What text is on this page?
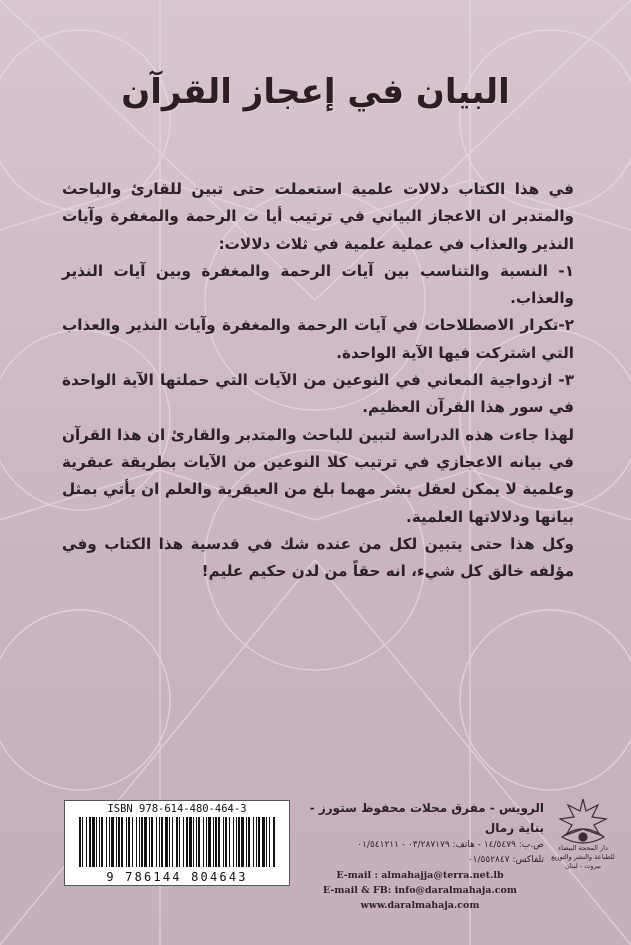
البيان في إعجاز القرآن

في هذا الكتاب دلالات علمية استعملت حتى تبين للقارئ والباحث والمتدبر ان الاعجاز البياني في ترتيب أيا ت الرحمة والمغفرة وآيات النذير والعذاب في عملية علمية في ثلاث دلالات:

١- النسبة والتناسب بين آيات الرحمة والمغفرة وبين آيات النذير والعذاب.

٢-تكرار الاصطلاحات في آيات الرحمة والمغفرة وآيات النذير والعذاب التي اشتركت فيها الآية الواحدة.

٣- ازدواجية المعاني في النوعين من الآيات التي حملتها الآية الواحدة في سور هذا القرآن العظيم.

لهذا جاءت هذه الدراسة لتبين للباحث والمتدبر والقارئ ان هذا القرآن في بيانه الاعجازي في ترتيب كلا النوعين من الآيات بطريقة عبقرية وعلمية لا يمكن لعقل بشر مهما بلغ من العبقرية والعلم ان يأتي بمثل بيانها ودلالاتها العلمية.

وكل هذا حتى يتبين لكل من عنده شك في قدسية هذا الكتاب وفي مؤلفه خالق كل شيء، انه حقاً من لدن حكيم عليم!

دار المحجة البيضاء
للطباعة والنشر والتوزيع
بيروت - لبنان
الرويس - مفرق محلات محفوظ ستورز - بناية رمال
ص.ب: ١٤/٥٤٧٩ - هاتف: ٠٣/٢٨٧١٧٩ - ٠١/٥٤١٢١١
تلفاكس: ٠١/٥٥٢٨٤٧
E-mail : almahajja@terra.net.lb
E-mail & FB: info@daralmahaja.com
www.daralmahaja.com
ISBN 978-614-480-464-3
9 786144 804643
